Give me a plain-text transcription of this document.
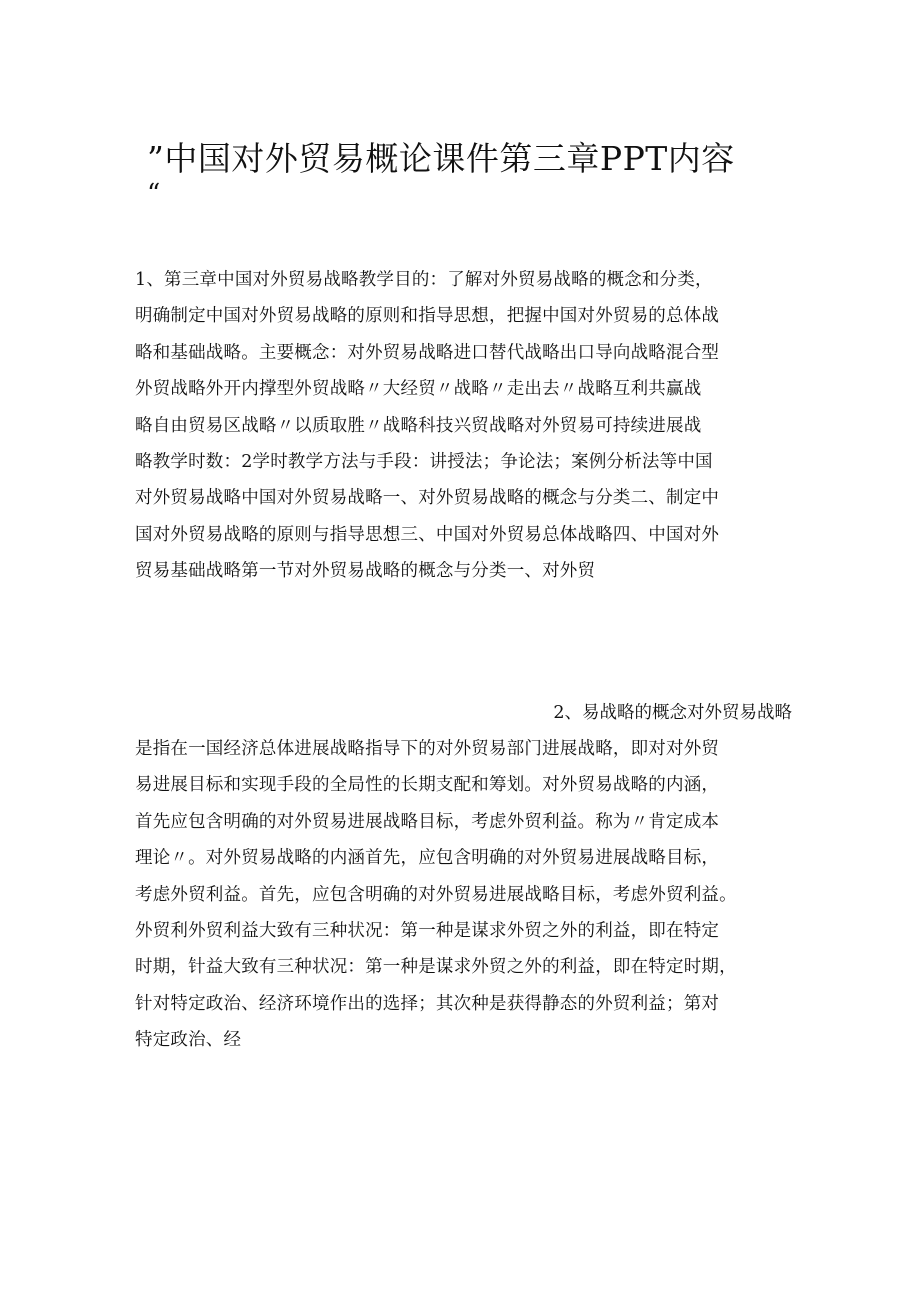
”中国对外贸易概论课件第三章PPT内容
“
1、第三章中国对外贸易战略教学目的：了解对外贸易战略的概念和分类，
明确制定中国对外贸易战略的原则和指导思想，把握中国对外贸易的总体战
略和基础战略。主要概念：对外贸易战略进口替代战略出口导向战略混合型
外贸战略外开内撑型外贸战略〃大经贸〃战略〃走出去〃战略互利共赢战
略自由贸易区战略〃以质取胜〃战略科技兴贸战略对外贸易可持续进展战
略教学时数：2学时教学方法与手段：讲授法；争论法；案例分析法等中国
对外贸易战略中国对外贸易战略一、对外贸易战略的概念与分类二、制定中
国对外贸易战略的原则与指导思想三、中国对外贸易总体战略四、中国对外
贸易基础战略第一节对外贸易战略的概念与分类一、对外贸
2、易战略的概念对外贸易战略
是指在一国经济总体进展战略指导下的对外贸易部门进展战略，即对对外贸
易进展目标和实现手段的全局性的长期支配和筹划。对外贸易战略的内涵，
首先应包含明确的对外贸易进展战略目标，考虑外贸利益。称为〃肯定成本
理论〃。对外贸易战略的内涵首先，应包含明确的对外贸易进展战略目标，
考虑外贸利益。首先，应包含明确的对外贸易进展战略目标，考虑外贸利益。
外贸利外贸利益大致有三种状况：第一种是谋求外贸之外的利益，即在特定
时期，针益大致有三种状况：第一种是谋求外贸之外的利益，即在特定时期，
针对特定政治、经济环境作出的选择；其次种是获得静态的外贸利益；第对
特定政治、经
